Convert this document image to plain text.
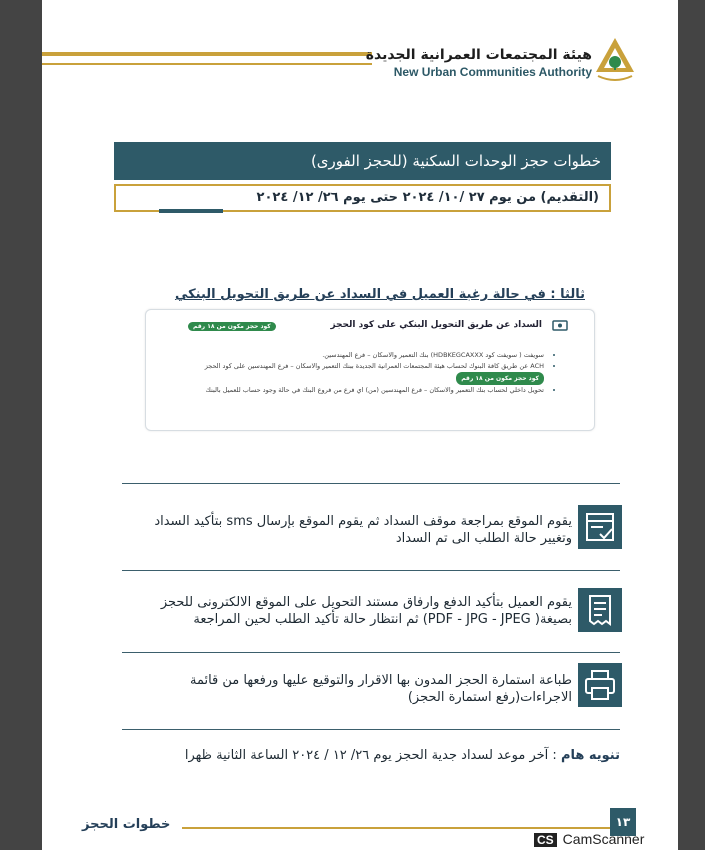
هيئة المجتمعات العمرانية الجديدة
New Urban Communities Authority
خطوات حجز الوحدات السكنية (للحجز الفورى)
(التقديم) من يوم ٢٧ /١٠/ ٢٠٢٤ حتى يوم ٢٦/ ١٢/ ٢٠٢٤
ثالثا : في حالة رغبة العميل في السداد عن طريق التحويل البنكي
السداد عن طريق التحويل البنكي على كود الحجز
كود حجز مكون من ١٨ رقم
• سويفت ( سويفت كود HDBKEGCAXXX) بنك التعمير والاسكان – فرع المهندسين.
• ACH عن طريق كافة البنوك لحساب هيئة المجتمعات العمرانية الجديدة ببنك التعمير والاسكان – فرع المهندسين على كود الحجز كود حجز مكون من ١٨ رقم
• تحويل داخلي لحساب بنك التعمير والاسكان – فرع المهندسين (من) اي فرع من فروع البنك في حالة وجود حساب للعميل بالبنك
يقوم الموقع بمراجعة موقف السداد ثم يقوم الموقع بإرسال sms بتأكيد السداد وتغيير حالة الطلب الى تم السداد
يقوم العميل بتأكيد الدفع وارفاق مستند التحويل على الموقع الالكترونى للحجز بصيغة( PDF - JPG - JPEG) ثم انتظار حالة تأكيد الطلب لحين المراجعة
طباعة استمارة الحجز المدون بها الاقرار والتوقيع عليها ورفعها من قائمة الاجراءات(رفع استمارة الحجز)
تنويه هام : آخر موعد لسداد جدية الحجز يوم ٢٦/ ١٢ / ٢٠٢٤ الساعة الثانية ظهرا
خطوات الحجز	١٣
CS CamScanner
